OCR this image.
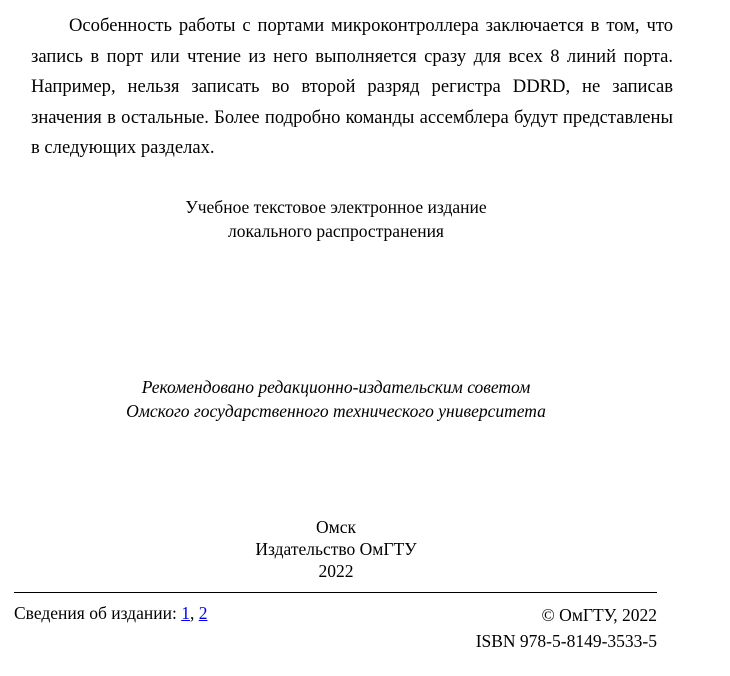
Особенность работы с портами микроконтроллера заключается в том, что запись в порт или чтение из него выполняется сразу для всех 8 линий порта. Например, нельзя записать во второй разряд регистра DDRD, не записав значения в остальные. Более подробно команды ассемблера будут представлены в следующих разделах.

Учебное текстовое электронное издание
локального распространения
Рекомендовано редакционно-издательским советом
Омского государственного технического университета
Омск
Издательство ОмГТУ
2022
Сведения об издании: 1, 2	© ОмГТУ, 2022
ISBN 978-5-8149-3533-5
